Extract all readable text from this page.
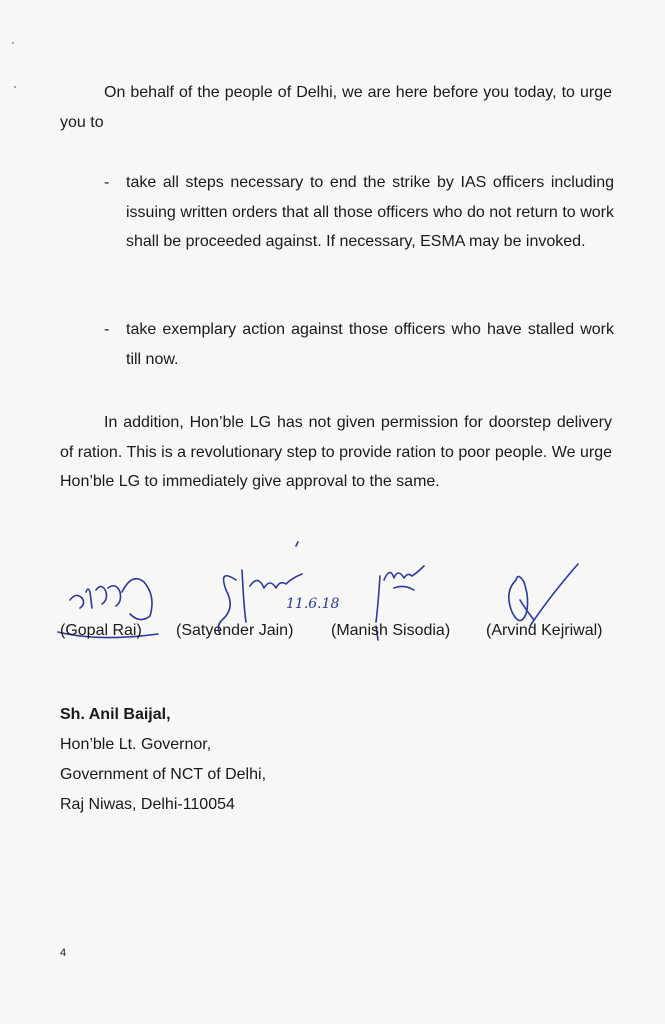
On behalf of the people of Delhi, we are here before you today, to urge you to

- take all steps necessary to end the strike by IAS officers including issuing written orders that all those officers who do not return to work shall be proceeded against. If necessary, ESMA may be invoked.
- take exemplary action against those officers who have stalled work till now.

In addition, Hon’ble LG has not given permission for doorstep delivery of ration. This is a revolutionary step to provide ration to poor people. We urge Hon’ble LG to immediately give approval to the same.

11.6.18
(Gopal Rai) (Satyender Jain) (Manish Sisodia) (Arvind Kejriwal)
Sh. Anil Baijal,
Hon’ble Lt. Governor,
Government of NCT of Delhi,
Raj Niwas, Delhi-110054
4
